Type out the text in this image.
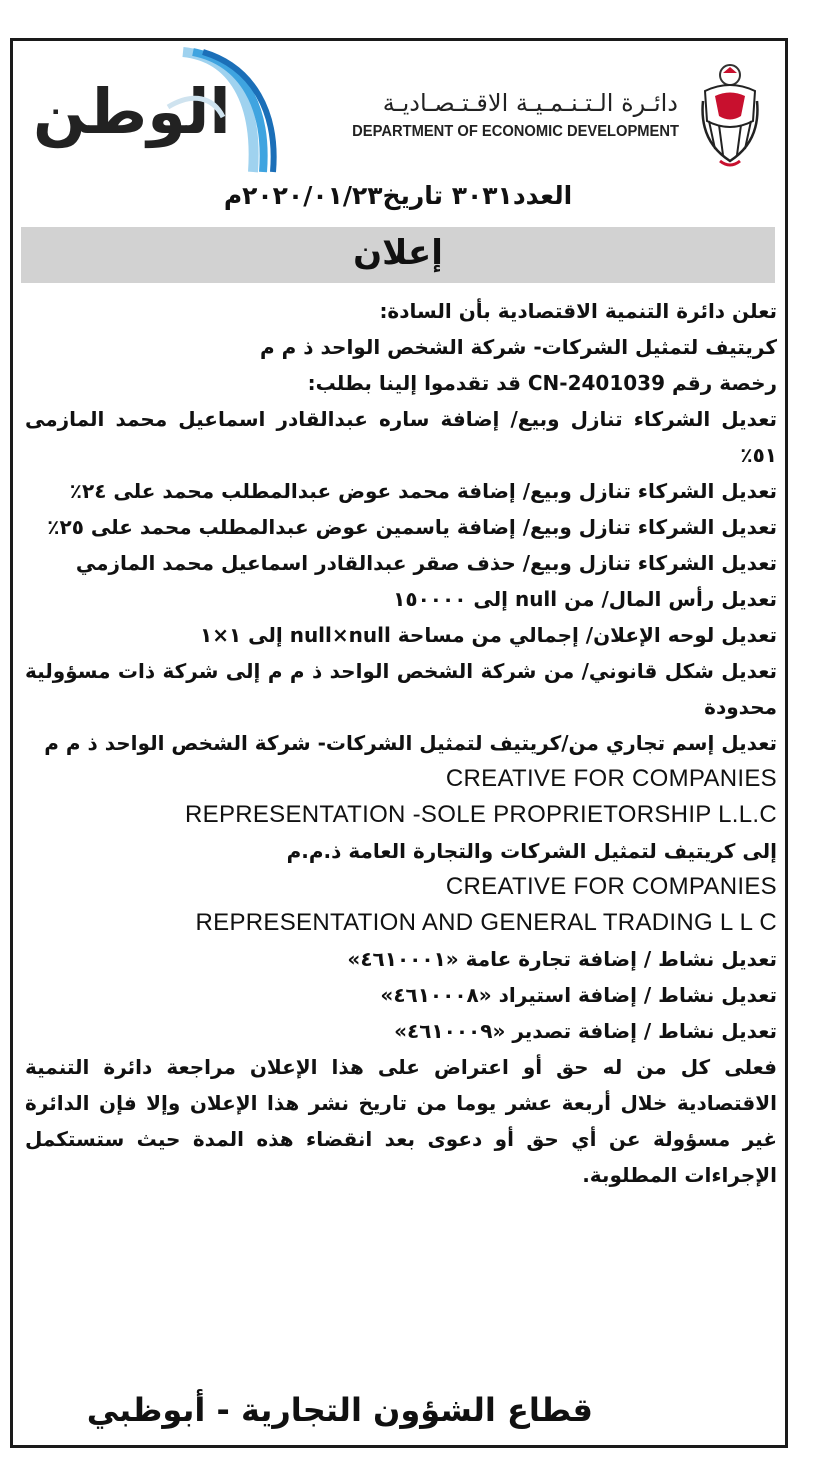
الوطن	دائـرة الـتـنـمـيـة الاقـتـصـاديـة
DEPARTMENT OF ECONOMIC DEVELOPMENT
العدد٣٠٣١ تاريخ٢٠٢٠/٠١/٢٣م
إعلان

تعلن دائرة التنمية الاقتصادية بأن السادة:

كريتيف لتمثيل الشركات- شركة الشخص الواحد ذ م م

رخصة رقم CN-2401039 قد تقدموا إلينا بطلب:

تعديل الشركاء تنازل وبيع/ إضافة ساره عبدالقادر اسماعيل محمد المازمى ٥١٪

تعديل الشركاء تنازل وبيع/ إضافة محمد عوض عبدالمطلب محمد على ٢٤٪

تعديل الشركاء تنازل وبيع/ إضافة ياسمين عوض عبدالمطلب محمد على ٢٥٪

تعديل الشركاء تنازل وبيع/ حذف صقر عبدالقادر اسماعيل محمد المازمي

تعديل رأس المال/ من null إلى ١٥٠٠٠٠

تعديل لوحه الإعلان/ إجمالي من مساحة null×null إلى ١×١

تعديل شكل قانوني/ من شركة الشخص الواحد ذ م م إلى شركة ذات مسؤولية محدودة

تعديل إسم تجاري من/كريتيف لتمثيل الشركات- شركة الشخص الواحد ذ م م

CREATIVE FOR COMPANIES

REPRESENTATION -SOLE PROPRIETORSHIP L.L.C

إلى كريتيف لتمثيل الشركات والتجارة العامة ذ.م.م

CREATIVE FOR COMPANIES

REPRESENTATION AND GENERAL TRADING L L C

تعديل نشاط / إضافة تجارة عامة «٤٦١٠٠٠١»

تعديل نشاط / إضافة استيراد «٤٦١٠٠٠٨»

تعديل نشاط / إضافة تصدير «٤٦١٠٠٠٩»

فعلى كل من له حق أو اعتراض على هذا الإعلان مراجعة دائرة التنمية الاقتصادية خلال أربعة عشر يوما من تاريخ نشر هذا الإعلان وإلا فإن الدائرة غير مسؤولة عن أي حق أو دعوى بعد انقضاء هذه المدة حيث ستستكمل الإجراءات المطلوبة.

قطاع الشؤون التجارية - أبوظبي
